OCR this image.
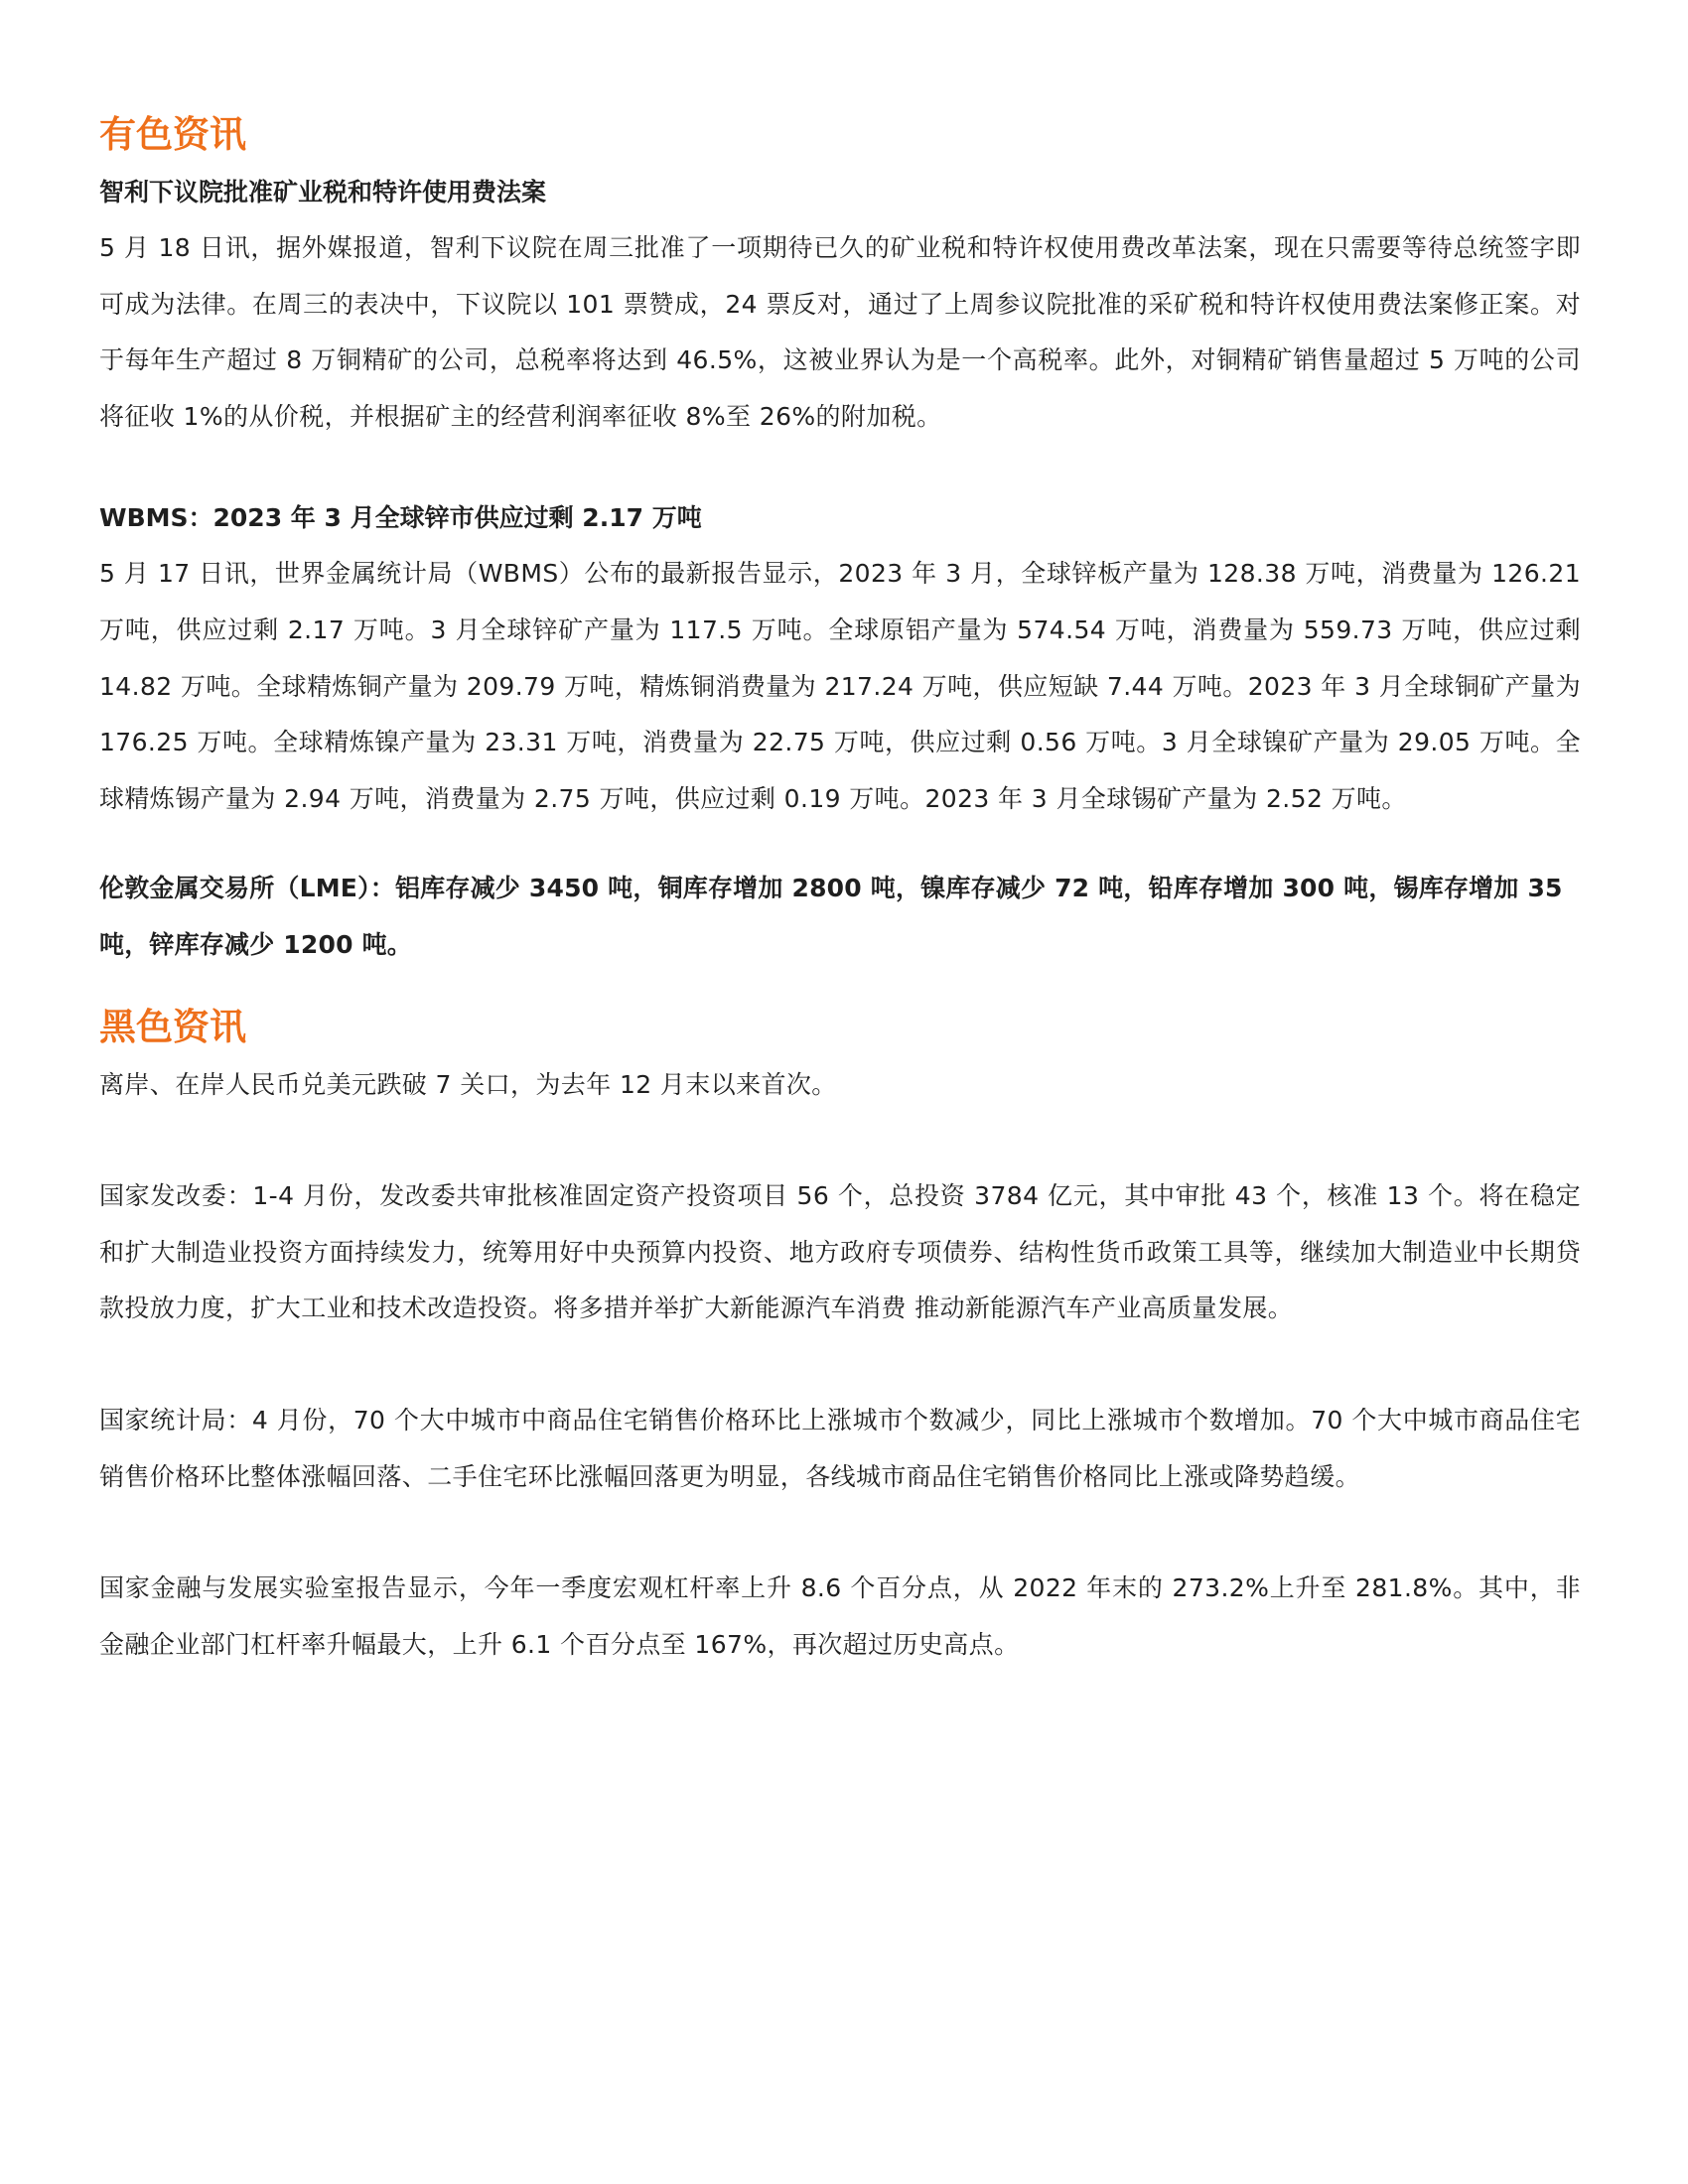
有色资讯
智利下议院批准矿业税和特许使用费法案

5 月 18 日讯，据外媒报道，智利下议院在周三批准了一项期待已久的矿业税和特许权使用费改革法案，现在只需要等待总统签字即可成为法律。在周三的表决中，下议院以 101 票赞成，24 票反对，通过了上周参议院批准的采矿税和特许权使用费法案修正案。对于每年生产超过 8 万铜精矿的公司，总税率将达到 46.5%，这被业界认为是一个高税率。此外，对铜精矿销售量超过 5 万吨的公司将征收 1%的从价税，并根据矿主的经营利润率征收 8%至 26%的附加税。

WBMS：2023 年 3 月全球锌市供应过剩 2.17 万吨

5 月 17 日讯，世界金属统计局（WBMS）公布的最新报告显示，2023 年 3 月，全球锌板产量为 128.38 万吨，消费量为 126.21 万吨，供应过剩 2.17 万吨。3 月全球锌矿产量为 117.5 万吨。全球原铝产量为 574.54 万吨，消费量为 559.73 万吨，供应过剩 14.82 万吨。全球精炼铜产量为 209.79 万吨，精炼铜消费量为 217.24 万吨，供应短缺 7.44 万吨。2023 年 3 月全球铜矿产量为 176.25 万吨。全球精炼镍产量为 23.31 万吨，消费量为 22.75 万吨，供应过剩 0.56 万吨。3 月全球镍矿产量为 29.05 万吨。全球精炼锡产量为 2.94 万吨，消费量为 2.75 万吨，供应过剩 0.19 万吨。2023 年 3 月全球锡矿产量为 2.52 万吨。

伦敦金属交易所（LME）：铝库存减少 3450 吨，铜库存增加 2800 吨，镍库存减少 72 吨，铅库存增加 300 吨，锡库存增加 35 吨，锌库存减少 1200 吨。

黑色资讯

离岸、在岸人民币兑美元跌破 7 关口，为去年 12 月末以来首次。

国家发改委：1-4 月份，发改委共审批核准固定资产投资项目 56 个，总投资 3784 亿元，其中审批 43 个，核准 13 个。将在稳定和扩大制造业投资方面持续发力，统筹用好中央预算内投资、地方政府专项债券、结构性货币政策工具等，继续加大制造业中长期贷款投放力度，扩大工业和技术改造投资。将多措并举扩大新能源汽车消费 推动新能源汽车产业高质量发展。

国家统计局：4 月份，70 个大中城市中商品住宅销售价格环比上涨城市个数减少，同比上涨城市个数增加。70 个大中城市商品住宅销售价格环比整体涨幅回落、二手住宅环比涨幅回落更为明显，各线城市商品住宅销售价格同比上涨或降势趋缓。

国家金融与发展实验室报告显示，今年一季度宏观杠杆率上升 8.6 个百分点，从 2022 年末的 273.2%上升至 281.8%。其中，非金融企业部门杠杆率升幅最大，上升 6.1 个百分点至 167%，再次超过历史高点。
